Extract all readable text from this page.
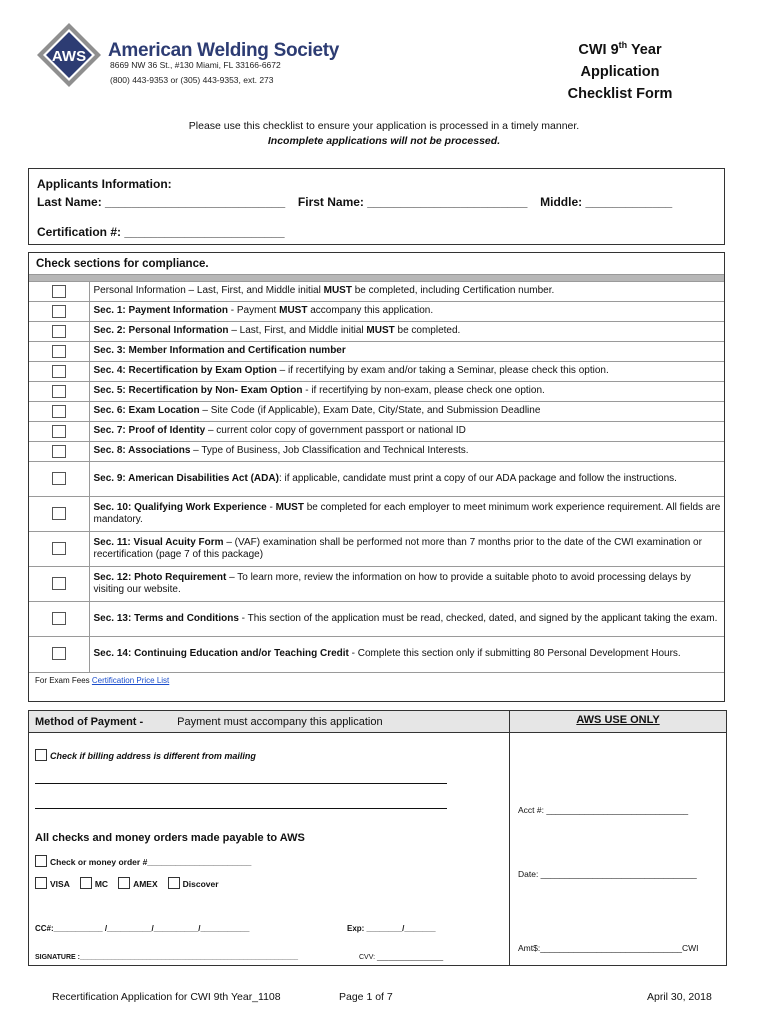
AWS American Welding Society
8669 NW 36 St., #130 Miami, FL 33166-6672
(800) 443-9353 or (305) 443-9353, ext. 273
CWI 9th Year
Application
Checklist Form
Please use this checklist to ensure your application is processed in a timely manner.
Incomplete applications will not be processed.
Applicants Information:
Last Name: ___________________________ First Name: ________________________ Middle: _____________
Certification #: ________________________
Check sections for compliance.
	Personal Information – Last, First, and Middle initial MUST be completed, including Certification number.
	Sec. 1: Payment Information - Payment MUST accompany this application.
	Sec. 2: Personal Information – Last, First, and Middle initial MUST be completed.
	Sec. 3: Member Information and Certification number
	Sec. 4: Recertification by Exam Option – if recertifying by exam and/or taking a Seminar, please check this option.
	Sec. 5: Recertification by Non- Exam Option - if recertifying by non-exam, please check one option.
	Sec. 6: Exam Location – Site Code (if Applicable), Exam Date, City/State, and Submission Deadline
	Sec. 7: Proof of Identity – current color copy of government passport or national ID
	Sec. 8: Associations – Type of Business, Job Classification and Technical Interests.
	Sec. 9: American Disabilities Act (ADA): if applicable, candidate must print a copy of our ADA package and follow the instructions.
	Sec. 10: Qualifying Work Experience - MUST be completed for each employer to meet minimum work experience requirement. All fields are mandatory.
	Sec. 11: Visual Acuity Form – (VAF) examination shall be performed not more than 7 months prior to the date of the CWI examination or recertification (page 7 of this package)
	Sec. 12: Photo Requirement – To learn more, review the information on how to provide a suitable photo to avoid processing delays by visiting our website.
	Sec. 13: Terms and Conditions - This section of the application must be read, checked, dated, and signed by the applicant taking the exam.
	Sec. 14: Continuing Education and/or Teaching Credit - Complete this section only if submitting 80 Personal Development Hours.
For Exam Fees Certification Price List
Method of Payment -	Payment must accompany this application
Check if billing address is different from mailing
All checks and money orders made payable to AWS
Check or money order #______________________
VISA	MC	AMEX	Discover
CC#:___________ /__________/__________/___________	Exp: ________/_______
SIGNATURE :________________________________________________________	CVV: _________________
AWS USE ONLY
Acct #: ______________________________
Date: _________________________________
Amt$:______________________________CWI
Recertification Application for CWI 9th Year_1108	Page 1 of 7	April 30, 2018
